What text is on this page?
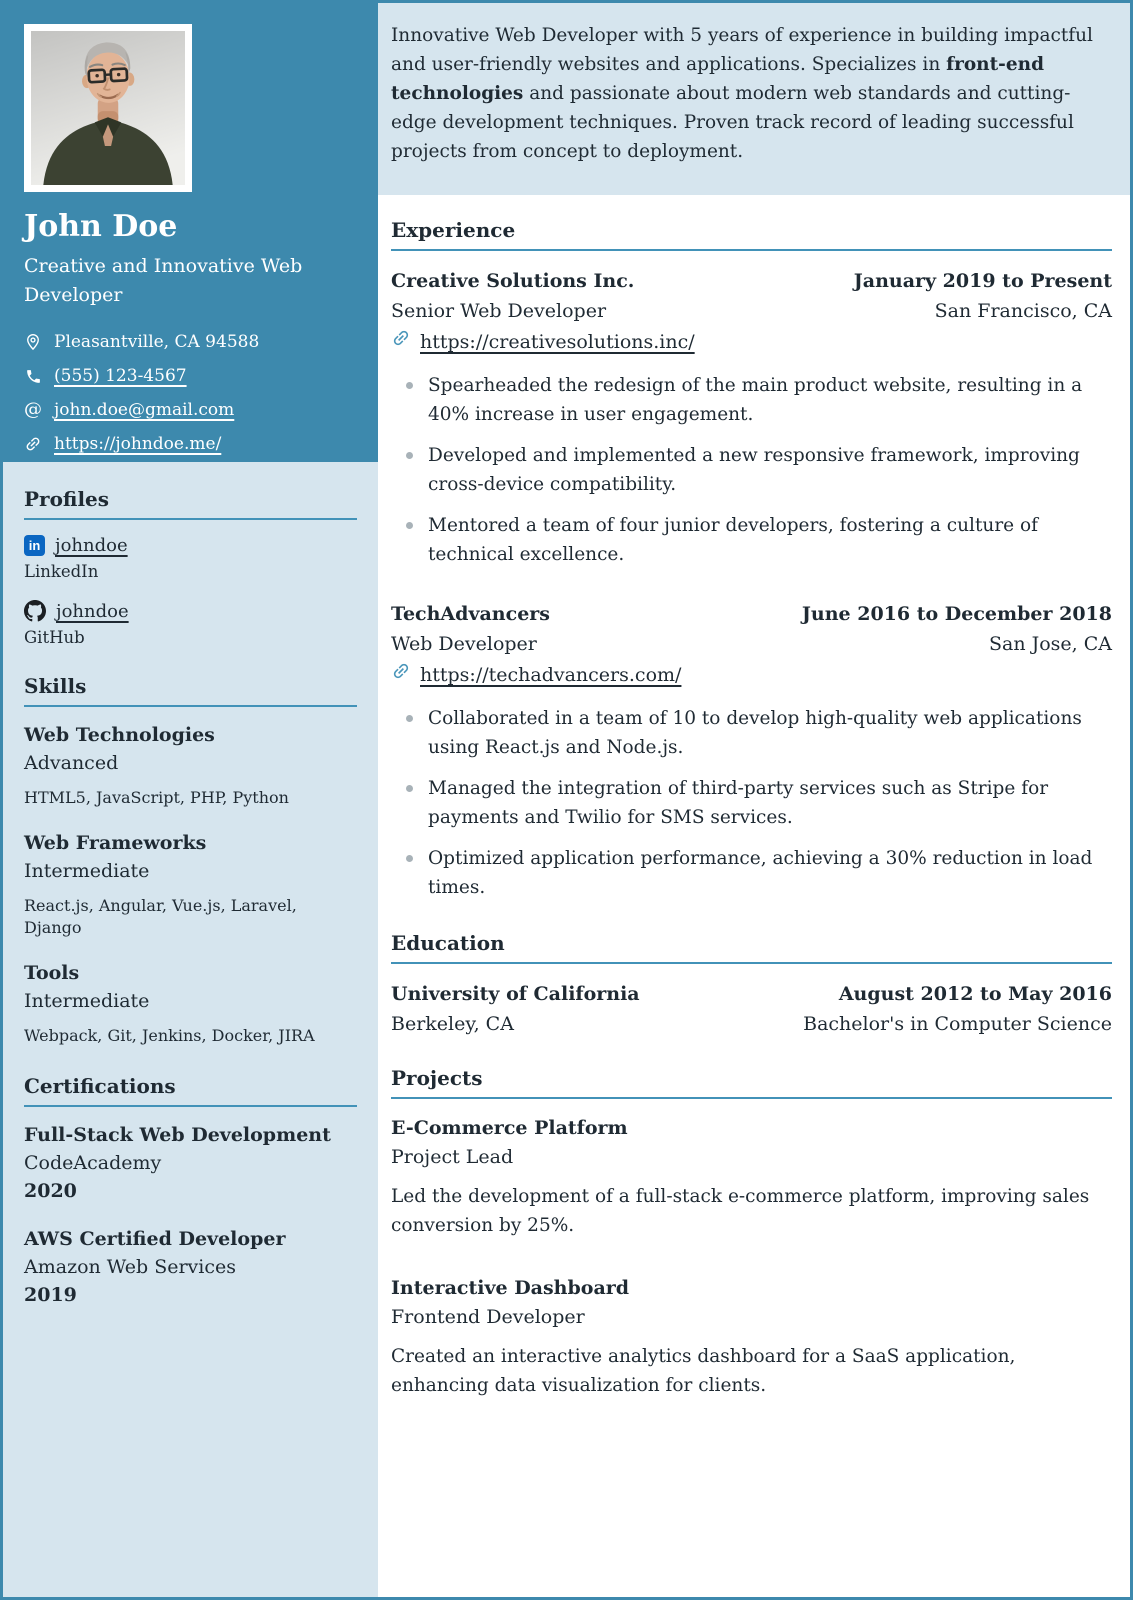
John Doe
Creative and Innovative Web Developer
Pleasantville, CA 94588
(555) 123-4567
@ john.doe@gmail.com
https://johndoe.me/
Profiles
in johndoe
LinkedIn
johndoe
GitHub
Skills
Web Technologies
Advanced
HTML5, JavaScript, PHP, Python
Web Frameworks
Intermediate
React.js, Angular, Vue.js, Laravel, Django
Tools
Intermediate
Webpack, Git, Jenkins, Docker, JIRA
Certifications
Full-Stack Web Development
CodeAcademy
2020
AWS Certified Developer
Amazon Web Services
2019

Innovative Web Developer with 5 years of experience in building impactful and user-friendly websites and applications. Specializes in front-end technologies and passionate about modern web standards and cutting-edge development techniques. Proven track record of leading successful projects from concept to deployment.

Experience
Creative Solutions Inc.	January 2019 to Present
Senior Web Developer	San Francisco, CA
https://creativesolutions.inc/
Spearheaded the redesign of the main product website, resulting in a 40% increase in user engagement.
Developed and implemented a new responsive framework, improving cross-device compatibility.
Mentored a team of four junior developers, fostering a culture of technical excellence.
TechAdvancers	June 2016 to December 2018
Web Developer	San Jose, CA
https://techadvancers.com/
Collaborated in a team of 10 to develop high-quality web applications using React.js and Node.js.
Managed the integration of third-party services such as Stripe for payments and Twilio for SMS services.
Optimized application performance, achieving a 30% reduction in load times.
Education
University of California	August 2012 to May 2016
Berkeley, CA	Bachelor's in Computer Science
Projects
E-Commerce Platform
Project Lead
Led the development of a full-stack e-commerce platform, improving sales conversion by 25%.
Interactive Dashboard
Frontend Developer
Created an interactive analytics dashboard for a SaaS application, enhancing data visualization for clients.
